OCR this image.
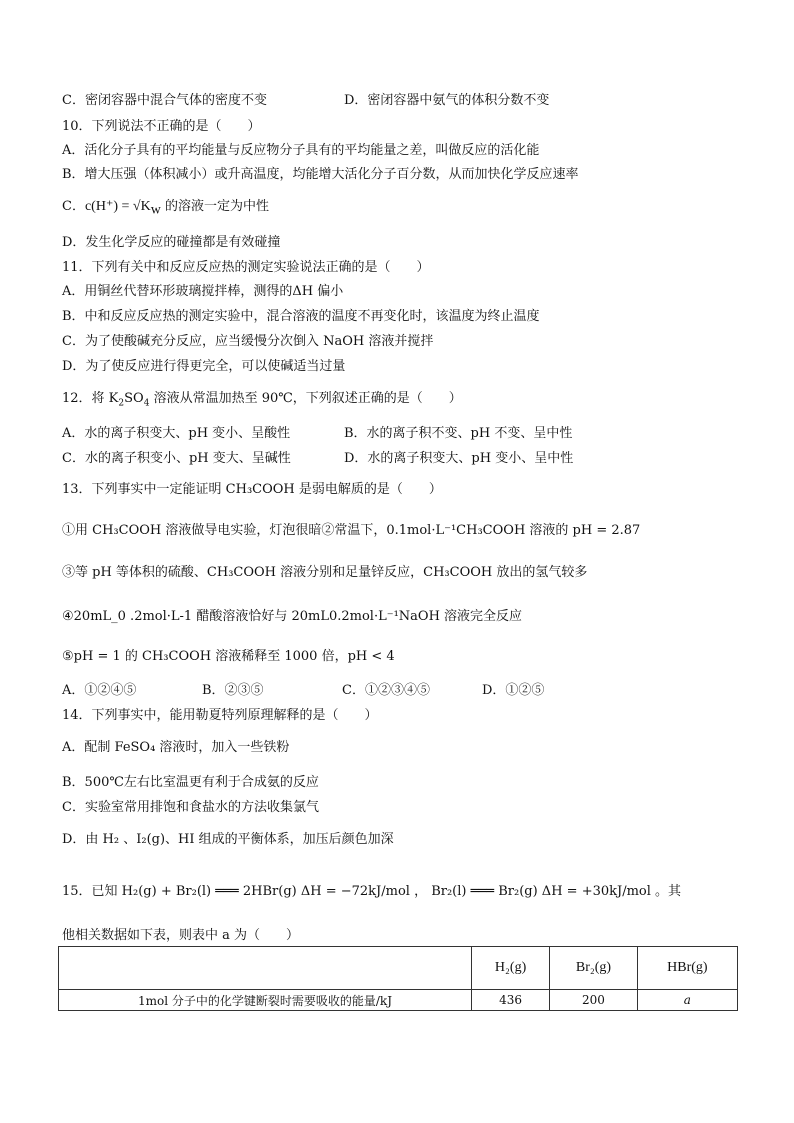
C．密闭容器中混合气体的密度不变	D．密闭容器中氨气的体积分数不变
10．下列说法不正确的是（　　）
A．活化分子具有的平均能量与反应物分子具有的平均能量之差，叫做反应的活化能
B．增大压强（体积减小）或升高温度，均能增大活化分子百分数，从而加快化学反应速率
C．$c(H^+) = √K_w$ 的溶液一定为中性
D．发生化学反应的碰撞都是有效碰撞
11．下列有关中和反应反应热的测定实验说法正确的是（　　）
A．用铜丝代替环形玻璃搅拌棒，测得的ΔH 偏小
B．中和反应反应热的测定实验中，混合溶液的温度不再变化时，该温度为终止温度
C．为了使酸碱充分反应，应当缓慢分次倒入 NaOH 溶液并搅拌
D．为了使反应进行得更完全，可以使碱适当过量
12．将 $K_2SO_4$ 溶液从常温加热至 90℃，下列叙述正确的是（　　）
A．水的离子积变大、pH 变小、呈酸性	B．水的离子积不变、pH 不变、呈中性
C．水的离子积变小、pH 变大、呈碱性	D．水的离子积变大、pH 变小、呈中性
13．下列事实中一定能证明 CH₃COOH 是弱电解质的是（　　）
①用 CH₃COOH 溶液做导电实验，灯泡很暗②常温下，0.1mol·L⁻¹CH₃COOH 溶液的 pH = 2.87
③等 pH 等体积的硫酸、CH₃COOH 溶液分别和足量锌反应，CH₃COOH 放出的氢气较多
④20mL_0 .2mol·L-1 醋酸溶液恰好与 20mL0.2mol·L⁻¹NaOH 溶液完全反应
⑤pH = 1 的 CH₃COOH 溶液稀释至 1000 倍，pH < 4
A．①②④⑤	B．②③⑤	C．①②③④⑤	D．①②⑤
14．下列事实中，能用勒夏特列原理解释的是（　　）
A．配制 FeSO₄ 溶液时，加入一些铁粉
B．500℃左右比室温更有利于合成氨的反应
C．实验室常用排饱和食盐水的方法收集氯气
D．由 H₂ 、I₂(g)、HI 组成的平衡体系，加压后颜色加深
15．已知 H₂(g) + Br₂(l) ═══ 2HBr(g) ΔH = −72kJ/mol ， Br₂(l) ═══ Br₂(g) ΔH = +30kJ/mol 。其
他相关数据如下表，则表中 a 为（　　）
	H₂(g)	Br₂(g)	HBr(g)
1mol 分子中的化学键断裂时需要吸收的能量/kJ	436	200	a
